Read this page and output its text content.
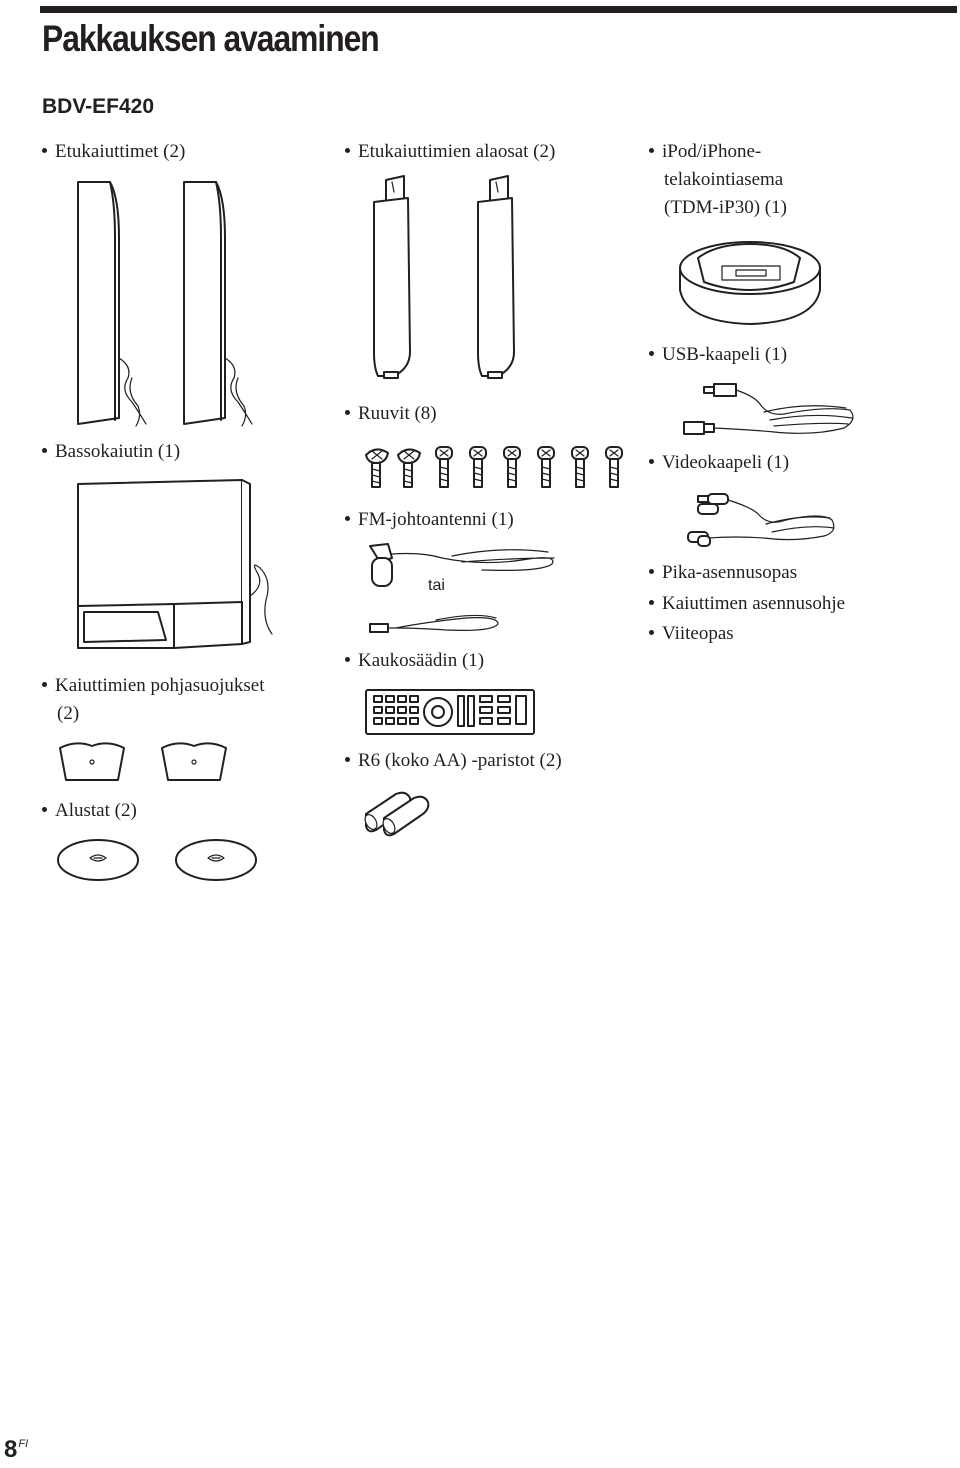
Pakkauksen avaaminen
BDV-EF420
Etukaiuttimet (2)
Bassokaiutin (1)
Kaiuttimien pohjasuojukset
(2)
Alustat (2)
Etukaiuttimien alaosat (2)
Ruuvit (8)
FM-johtoantenni (1)
tai
Kaukosäädin (1)
R6 (koko AA) -paristot (2)
iPod/iPhone-
telakointiasema
(TDM-iP30) (1)
USB-kaapeli (1)
Videokaapeli (1)
Pika-asennusopas
Kaiuttimen asennusohje
Viiteopas
$8^{FI}$
